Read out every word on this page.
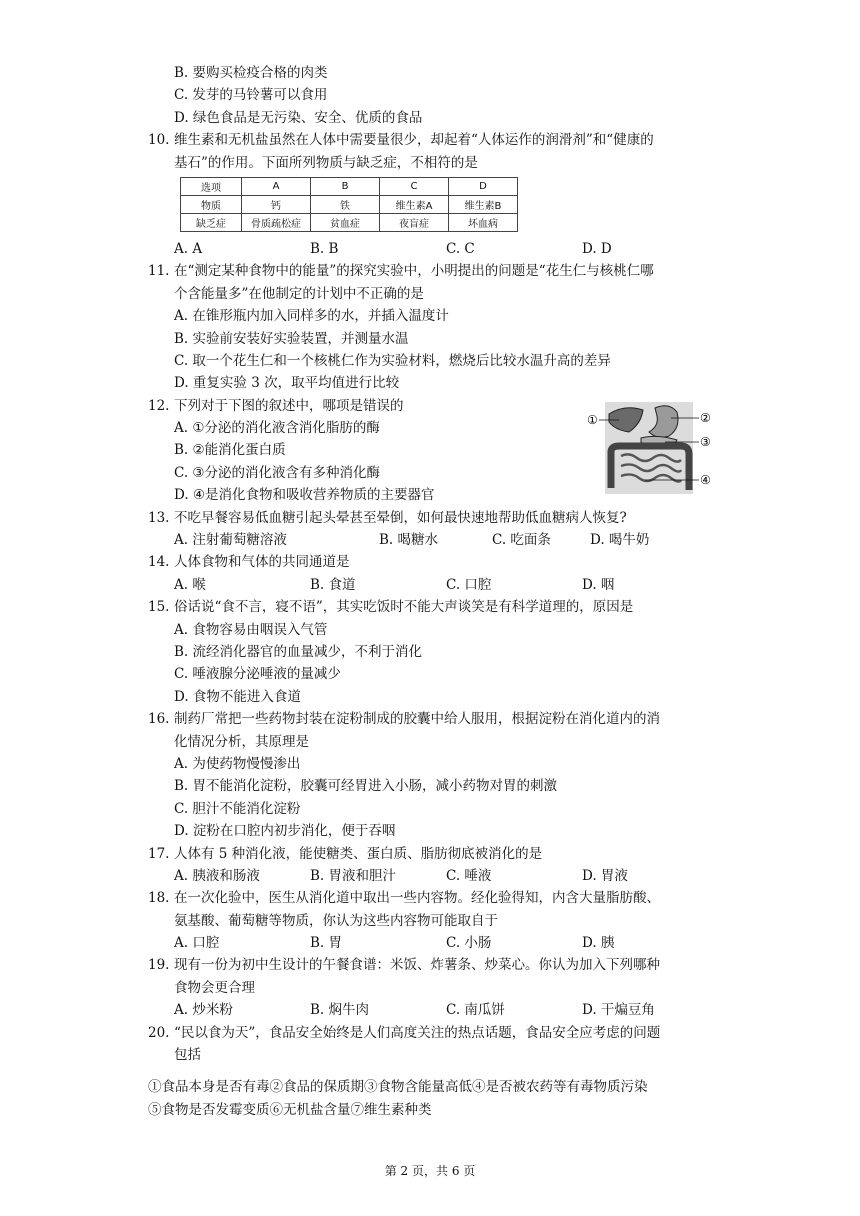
B. 要购买检疫合格的肉类
C. 发芽的马铃薯可以食用
D. 绿色食品是无污染、安全、优质的食品
10. 维生素和无机盐虽然在人体中需要量很少，却起着“人体运作的润滑剂”和“健康的
基石”的作用。下面所列物质与缺乏症，不相符的是
选项	A	B	C	D
物质	钙	铁	维生素A	维生素B
缺乏症	骨质疏松症	贫血症	夜盲症	坏血病
A. A	B. B	C. C	D. D
11. 在“测定某种食物中的能量”的探究实验中，小明提出的问题是“花生仁与核桃仁哪
个含能量多”在他制定的计划中不正确的是
A. 在锥形瓶内加入同样多的水，并插入温度计
B. 实验前安装好实验装置，并测量水温
C. 取一个花生仁和一个核桃仁作为实验材料，燃烧后比较水温升高的差异
D. 重复实验 3 次，取平均值进行比较
12. 下列对于下图的叙述中，哪项是错误的
A. ①分泌的消化液含消化脂肪的酶
B. ②能消化蛋白质
C. ③分泌的消化液含有多种消化酶
D. ④是消化食物和吸收营养物质的主要器官
13. 不吃早餐容易低血糖引起头晕甚至晕倒，如何最快速地帮助低血糖病人恢复?
A. 注射葡萄糖溶液	B. 喝糖水	C. 吃面条	D. 喝牛奶
14. 人体食物和气体的共同通道是
A. 喉	B. 食道	C. 口腔	D. 咽
15. 俗话说“食不言，寝不语”，其实吃饭时不能大声谈笑是有科学道理的，原因是
A. 食物容易由咽误入气管
B. 流经消化器官的血量减少，不利于消化
C. 唾液腺分泌唾液的量减少
D. 食物不能进入食道
16. 制药厂常把一些药物封装在淀粉制成的胶囊中给人服用，根据淀粉在消化道内的消
化情况分析，其原理是
A. 为使药物慢慢渗出
B. 胃不能消化淀粉，胶囊可经胃进入小肠，减小药物对胃的刺激
C. 胆汁不能消化淀粉
D. 淀粉在口腔内初步消化，便于吞咽
17. 人体有 5 种消化液，能使糖类、蛋白质、脂肪彻底被消化的是
A. 胰液和肠液	B. 胃液和胆汁	C. 唾液	D. 胃液
18. 在一次化验中，医生从消化道中取出一些内容物。经化验得知，内含大量脂肪酸、
氨基酸、葡萄糖等物质，你认为这些内容物可能取自于
A. 口腔	B. 胃	C. 小肠	D. 胰
19. 现有一份为初中生设计的午餐食谱：米饭、炸薯条、炒菜心。你认为加入下列哪种
食物会更合理
A. 炒米粉	B. 焖牛肉	C. 南瓜饼	D. 干煸豆角
20. “民以食为天”，食品安全始终是人们高度关注的热点话题，食品安全应考虑的问题
包括
①食品本身是否有毒②食品的保质期③食物含能量高低④是否被农药等有毒物质污染
⑤食物是否发霉变质⑥无机盐含量⑦维生素种类
①	②
③
④
第 2 页，共 6 页
